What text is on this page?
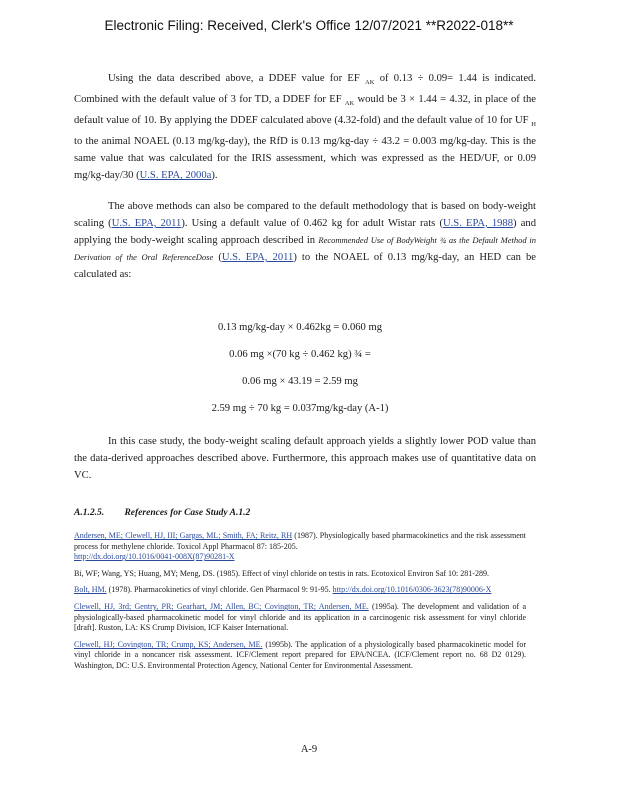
Electronic Filing: Received, Clerk's Office 12/07/2021 **R2022-018**
Using the data described above, a DDEF value for EF $_{AK}$ of 0.13 ÷ 0.09= 1.44 is indicated. Combined with the default value of 3 for TD, a DDEF for EF $_{AK}$ would be 3 × 1.44 = 4.32, in place of the default value of 10. By applying the DDEF calculated above (4.32-fold) and the default value of 10 for UF $_H$ to the animal NOAEL (0.13 mg/kg-day), the RfD is 0.13 mg/kg-day ÷ 43.2 = 0.003 mg/kg-day. This is the same value that was calculated for the IRIS assessment, which was expressed as the HED/UF, or 0.09 mg/kg-day/30 (U.S. EPA, 2000a).
The above methods can also be compared to the default methodology that is based on body-weight scaling (U.S. EPA, 2011). Using a default value of 0.462 kg for adult Wistar rats (U.S. EPA, 1988) and applying the body-weight scaling approach described in Recommended Use of BodyWeight ¾ as the Default Method in Derivation of the Oral ReferenceDose (U.S. EPA, 2011) to the NOAEL of 0.13 mg/kg-day, an HED can be calculated as:
0.13 mg/kg-day × 0.462kg = 0.060 mg
0.06 mg ×(70 kg ÷ 0.462 kg) ¾ =
0.06 mg × 43.19 = 2.59 mg
2.59 mg ÷ 70 kg = 0.037mg/kg-day (A-1)
In this case study, the body-weight scaling default approach yields a slightly lower POD value than the data-derived approaches described above. Furthermore, this approach makes use of quantitative data on VC.
A.1.2.5. References for Case Study A.1.2
Andersen, ME; Clewell, HJ, III; Gargas, ML; Smith, FA; Reitz, RH (1987). Physiologically based pharmacokinetics and the risk assessment process for methylene chloride. Toxicol Appl Pharmacol 87: 185-205.
http://dx.doi.org/10.1016/0041-008X(87)90281-X
Bi, WF; Wang, YS; Huang, MY; Meng, DS. (1985). Effect of vinyl chloride on testis in rats. Ecotoxicol Environ Saf 10: 281-289.
Bolt, HM. (1978). Pharmacokinetics of vinyl chloride. Gen Pharmacol 9: 91-95. http://dx.doi.org/10.1016/0306-3623(78)90006-X
Clewell, HJ, 3rd; Gentry, PR; Gearhart, JM; Allen, BC; Covington, TR; Andersen, ME. (1995a). The development and validation of a physiologically-based pharmacokinetic model for vinyl chloride and its application in a carcinogenic risk assessment for vinyl chloride [draft]. Ruston, LA: KS Crump Division, ICF Kaiser International.
Clewell, HJ; Covington, TR; Crump, KS; Andersen, ME. (1995b). The application of a physiologically based pharmacokinetic model for vinyl chloride in a noncancer risk assessment. ICF/Clement report prepared for EPA/NCEA. (ICF/Clement report no. 68 D2 0129). Washington, DC: U.S. Environmental Protection Agency, National Center for Environmental Assessment.
A-9
